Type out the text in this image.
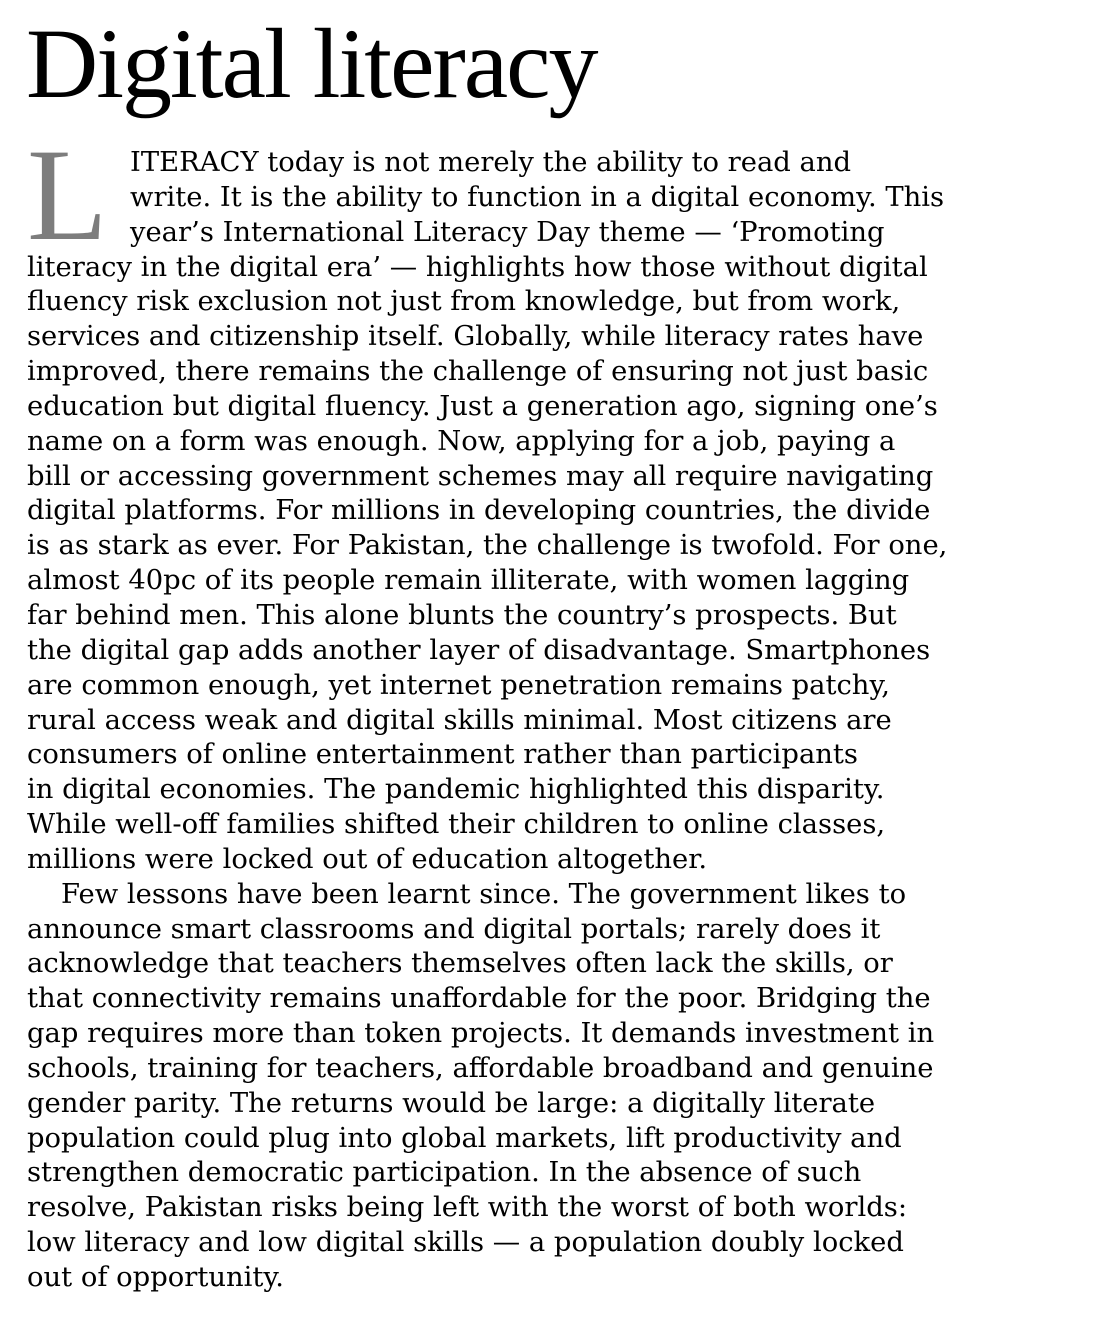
Digital literacy
L ITERACY today is not merely the ability to read and
write. It is the ability to function in a digital economy. This
year’s International Literacy Day theme — ‘Promoting
literacy in the digital era’ — highlights how those without digital
fluency risk exclusion not just from knowledge, but from work,
services and citizenship itself. Globally, while literacy rates have
improved, there remains the challenge of ensuring not just basic
education but digital fluency. Just a generation ago, signing one’s
name on a form was enough. Now, applying for a job, paying a
bill or accessing government schemes may all require navigating
digital platforms. For millions in developing countries, the divide
is as stark as ever. For Pakistan, the challenge is twofold. For one,
almost 40pc of its people remain illiterate, with women lagging
far behind men. This alone blunts the country’s prospects. But
the digital gap adds another layer of disadvantage. Smartphones
are common enough, yet internet penetration remains patchy,
rural access weak and digital skills minimal. Most citizens are
consumers of online entertainment rather than participants
in digital economies. The pandemic highlighted this disparity.
While well-off families shifted their children to online classes,
millions were locked out of education altogether.
Few lessons have been learnt since. The government likes to
announce smart classrooms and digital portals; rarely does it
acknowledge that teachers themselves often lack the skills, or
that connectivity remains unaffordable for the poor. Bridging the
gap requires more than token projects. It demands investment in
schools, training for teachers, affordable broadband and genuine
gender parity. The returns would be large: a digitally literate
population could plug into global markets, lift productivity and
strengthen democratic participation. In the absence of such
resolve, Pakistan risks being left with the worst of both worlds:
low literacy and low digital skills — a population doubly locked
out of opportunity.
